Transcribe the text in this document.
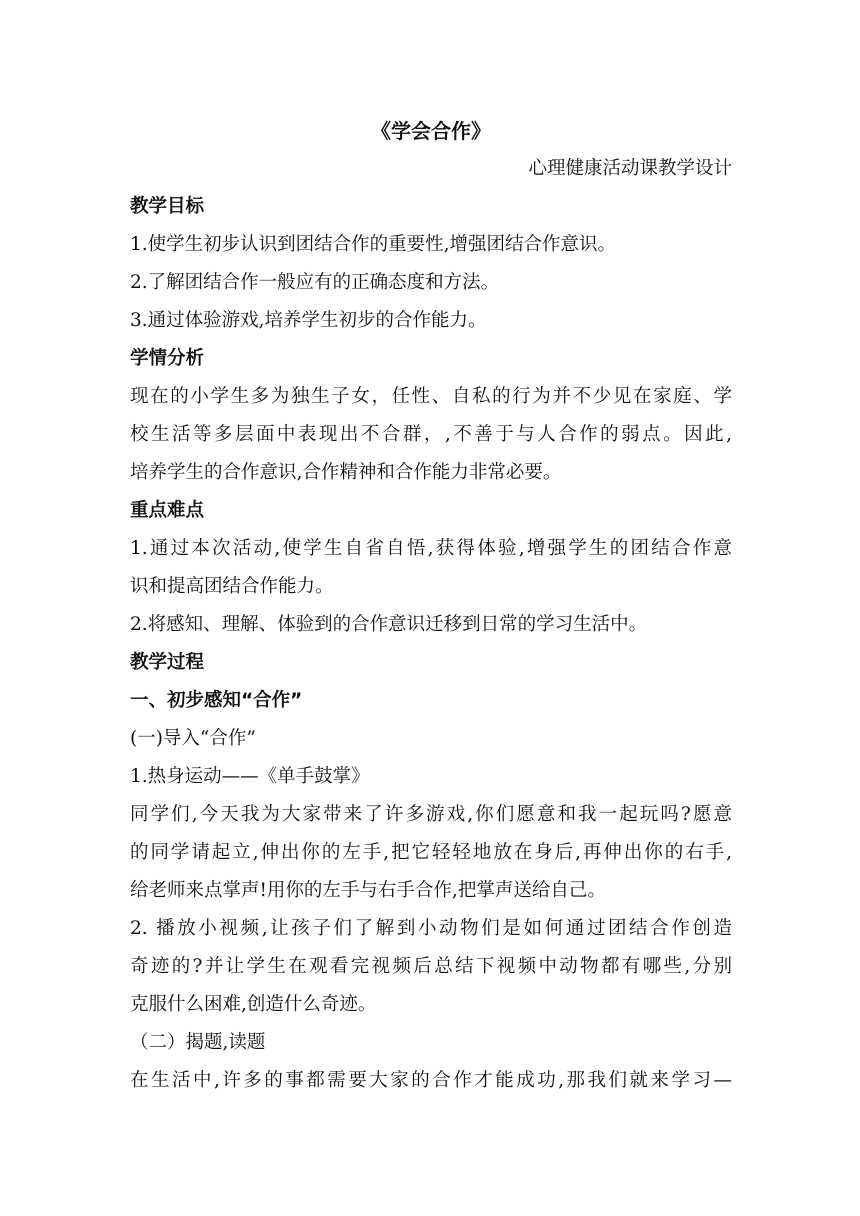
《学会合作》
心理健康活动课教学设计
教学目标
1.使学生初步认识到团结合作的重要性,增强团结合作意识。
2.了解团结合作一般应有的正确态度和方法。
3.通过体验游戏,培养学生初步的合作能力。
学情分析
现在的小学生多为独生子女，任性、自私的行为并不少见在家庭、学
校生活等多层面中表现出不合群，,不善于与人合作的弱点。因此,
培养学生的合作意识,合作精神和合作能力非常必要。
重点难点
1.通过本次活动,使学生自省自悟,获得体验,增强学生的团结合作意
识和提高团结合作能力。
2.将感知、理解、体验到的合作意识迁移到日常的学习生活中。
教学过程
一、初步感知“合作”
(一)导入“合作”
1.热身运动——《单手鼓掌》
同学们,今天我为大家带来了许多游戏,你们愿意和我一起玩吗?愿意
的同学请起立,伸出你的左手,把它轻轻地放在身后,再伸出你的右手,
给老师来点掌声!用你的左手与右手合作,把掌声送给自己。
2. 播放小视频,让孩子们了解到小动物们是如何通过团结合作创造
奇迹的?并让学生在观看完视频后总结下视频中动物都有哪些,分别
克服什么困难,创造什么奇迹。
（二）揭题,读题
在生活中,许多的事都需要大家的合作才能成功,那我们就来学习—
